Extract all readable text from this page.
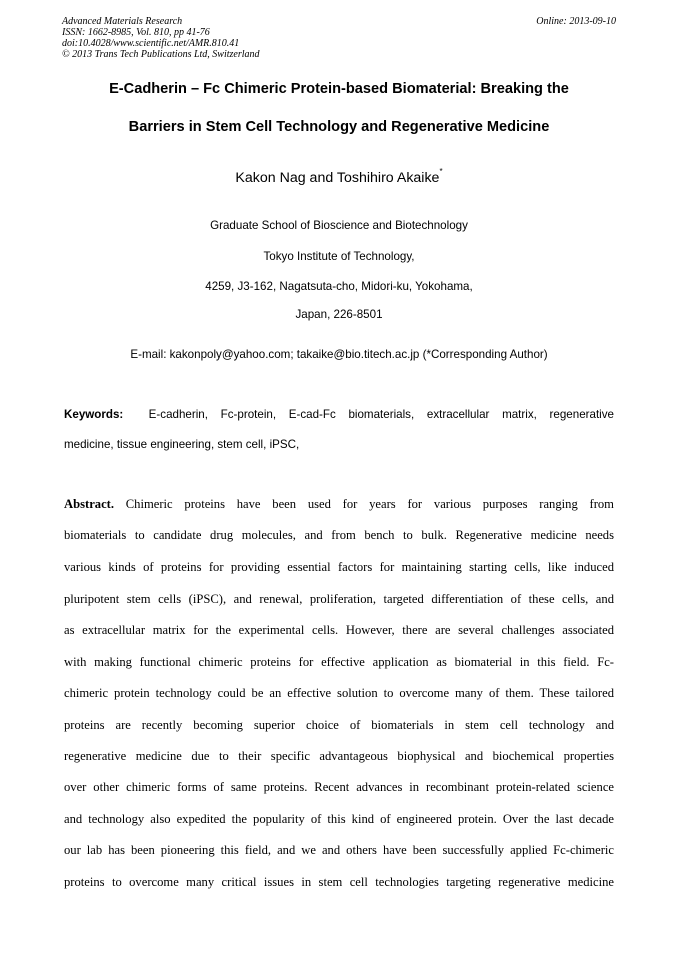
Advanced Materials Research
ISSN: 1662-8985, Vol. 810, pp 41-76
doi:10.4028/www.scientific.net/AMR.810.41
© 2013 Trans Tech Publications Ltd, Switzerland
Online: 2013-09-10
E-Cadherin – Fc Chimeric Protein-based Biomaterial: Breaking the
Barriers in Stem Cell Technology and Regenerative Medicine
Kakon Nag and Toshihiro Akaike*
Graduate School of Bioscience and Biotechnology
Tokyo Institute of Technology,
4259, J3-162, Nagatsuta-cho, Midori-ku, Yokohama,
Japan, 226-8501
E-mail: kakonpoly@yahoo.com; takaike@bio.titech.ac.jp (*Corresponding Author)
Keywords: E-cadherin, Fc-protein, E-cad-Fc biomaterials, extracellular matrix, regenerative
medicine, tissue engineering, stem cell, iPSC,
Abstract. Chimeric proteins have been used for years for various purposes ranging from
biomaterials to candidate drug molecules, and from bench to bulk. Regenerative medicine needs
various kinds of proteins for providing essential factors for maintaining starting cells, like induced
pluripotent stem cells (iPSC), and renewal, proliferation, targeted differentiation of these cells, and
as extracellular matrix for the experimental cells. However, there are several challenges associated
with making functional chimeric proteins for effective application as biomaterial in this field. Fc-
chimeric protein technology could be an effective solution to overcome many of them. These tailored
proteins are recently becoming superior choice of biomaterials in stem cell technology and
regenerative medicine due to their specific advantageous biophysical and biochemical properties
over other chimeric forms of same proteins. Recent advances in recombinant protein-related science
and technology also expedited the popularity of this kind of engineered protein. Over the last decade
our lab has been pioneering this field, and we and others have been successfully applied Fc-chimeric
proteins to overcome many critical issues in stem cell technologies targeting regenerative medicine
